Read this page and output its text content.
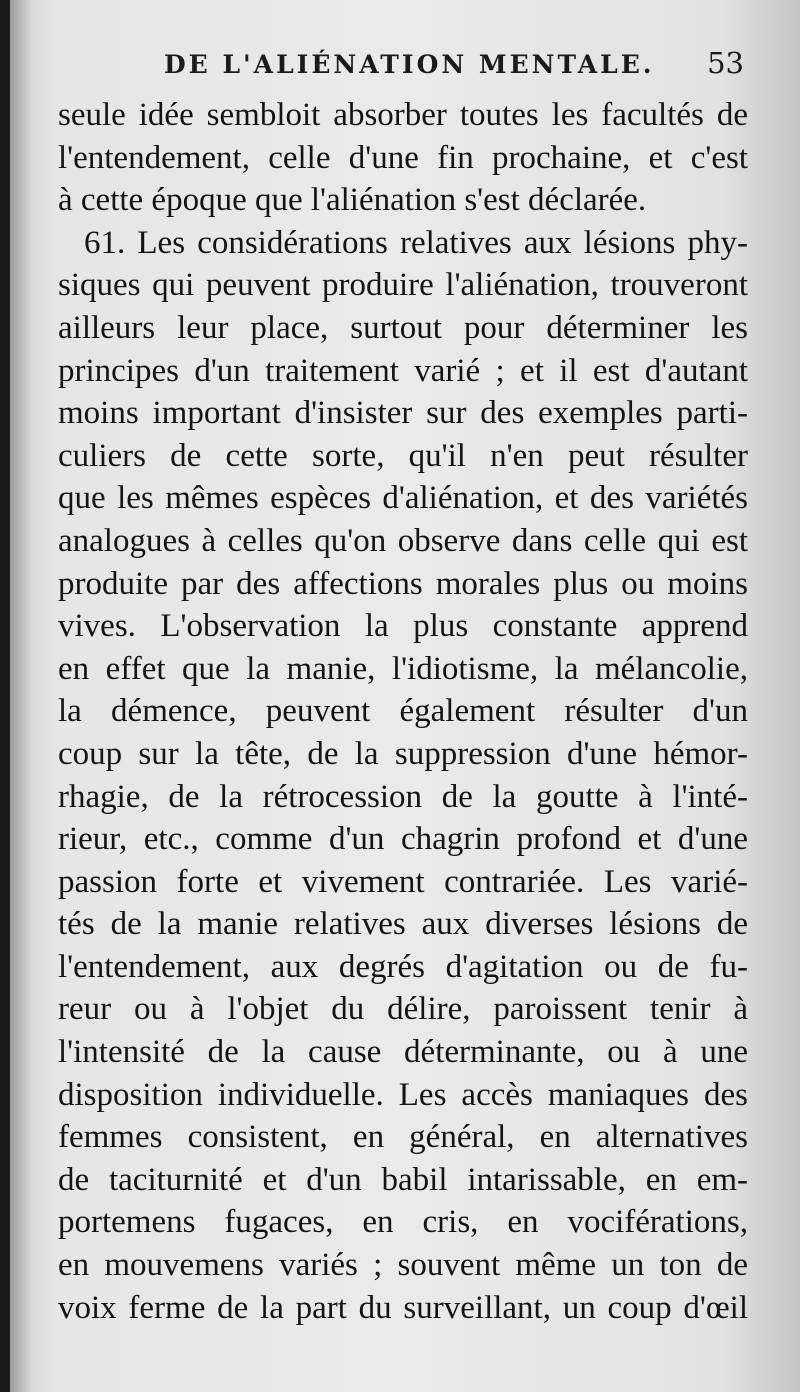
DE L'ALIÉNATION MENTALE. 53
seule idée sembloit absorber toutes les facultés de
l'entendement, celle d'une fin prochaine, et c'est
à cette époque que l'aliénation s'est déclarée.
61. Les considérations relatives aux lésions phy-
siques qui peuvent produire l'aliénation, trouveront
ailleurs leur place, surtout pour déterminer les
principes d'un traitement varié ; et il est d'autant
moins important d'insister sur des exemples parti-
culiers de cette sorte, qu'il n'en peut résulter
que les mêmes espèces d'aliénation, et des variétés
analogues à celles qu'on observe dans celle qui est
produite par des affections morales plus ou moins
vives. L'observation la plus constante apprend
en effet que la manie, l'idiotisme, la mélancolie,
la démence, peuvent également résulter d'un
coup sur la tête, de la suppression d'une hémor-
rhagie, de la rétrocession de la goutte à l'inté-
rieur, etc., comme d'un chagrin profond et d'une
passion forte et vivement contrariée. Les varié-
tés de la manie relatives aux diverses lésions de
l'entendement, aux degrés d'agitation ou de fu-
reur ou à l'objet du délire, paroissent tenir à
l'intensité de la cause déterminante, ou à une
disposition individuelle. Les accès maniaques des
femmes consistent, en général, en alternatives
de taciturnité et d'un babil intarissable, en em-
portemens fugaces, en cris, en vociférations,
en mouvemens variés ; souvent même un ton de
voix ferme de la part du surveillant, un coup d'œil
